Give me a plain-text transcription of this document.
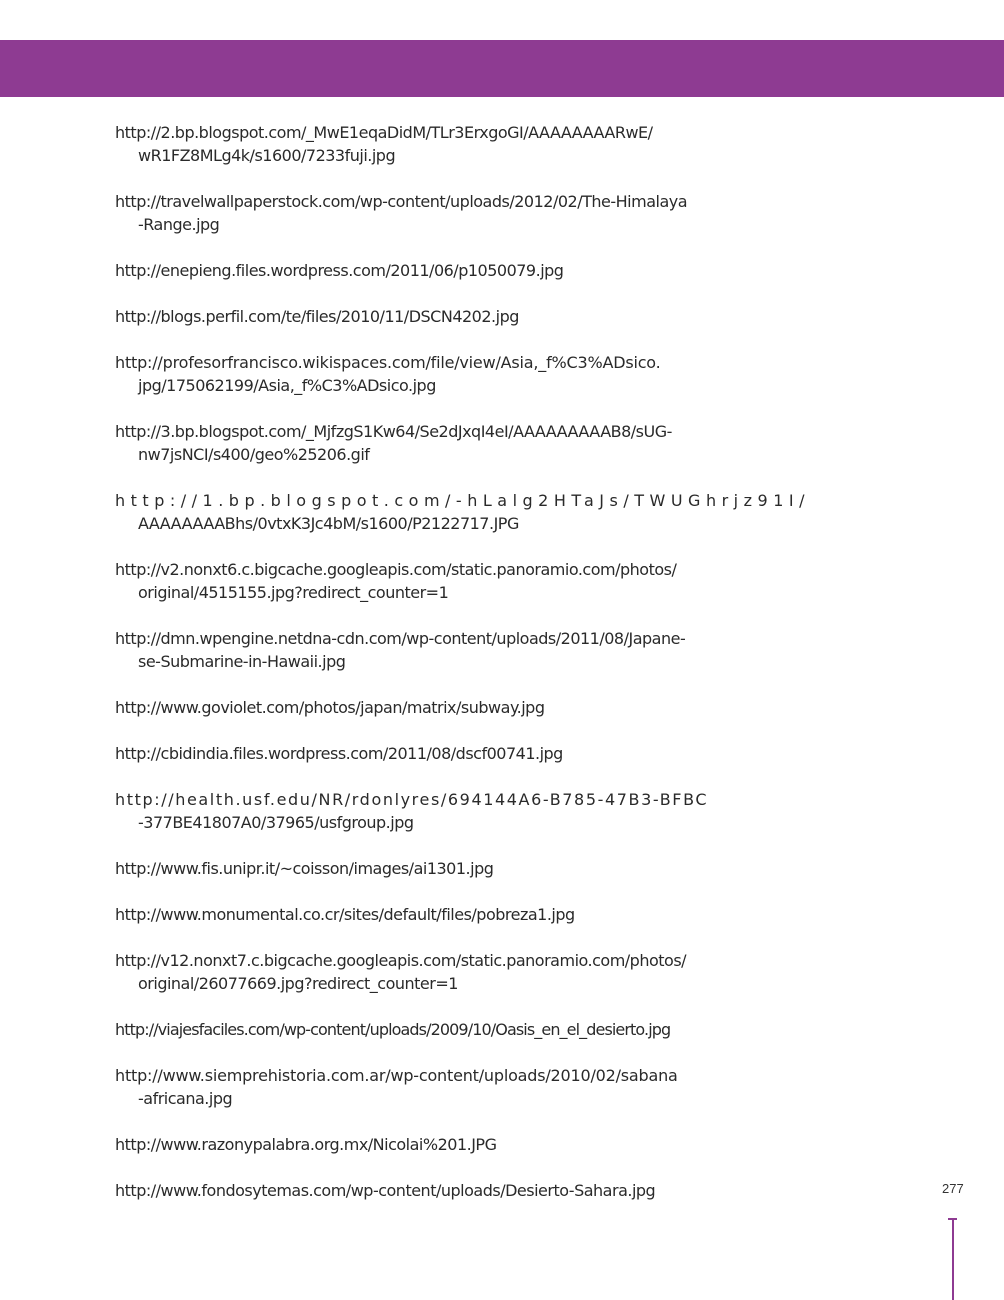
http://2.bp.blogspot.com/_MwE1eqaDidM/TLr3ErxgoGI/AAAAAAAARwE/
wR1FZ8MLg4k/s1600/7233fuji.jpg
http://travelwallpaperstock.com/wp-content/uploads/2012/02/The-Himalaya
-Range.jpg
http://enepieng.files.wordpress.com/2011/06/p1050079.jpg
http://blogs.perfil.com/te/files/2010/11/DSCN4202.jpg
http://profesorfrancisco.wikispaces.com/file/view/Asia,_f%C3%ADsico.
jpg/175062199/Asia,_f%C3%ADsico.jpg
http://3.bp.blogspot.com/_MjfzgS1Kw64/Se2dJxqI4eI/AAAAAAAAAB8/sUG-
nw7jsNCI/s400/geo%25206.gif
http://1.bp.blogspot.com/-hLalg2HTaJs/TWUGhrjz91I/
AAAAAAAABhs/0vtxK3Jc4bM/s1600/P2122717.JPG
http://v2.nonxt6.c.bigcache.googleapis.com/static.panoramio.com/photos/
original/4515155.jpg?redirect_counter=1
http://dmn.wpengine.netdna-cdn.com/wp-content/uploads/2011/08/Japane-
se-Submarine-in-Hawaii.jpg
http://www.goviolet.com/photos/japan/matrix/subway.jpg
http://cbidindia.files.wordpress.com/2011/08/dscf00741.jpg
http://health.usf.edu/NR/rdonlyres/694144A6-B785-47B3-BFBC
-377BE41807A0/37965/usfgroup.jpg
http://www.fis.unipr.it/~coisson/images/ai1301.jpg
http://www.monumental.co.cr/sites/default/files/pobreza1.jpg
http://v12.nonxt7.c.bigcache.googleapis.com/static.panoramio.com/photos/
original/26077669.jpg?redirect_counter=1
http://viajesfaciles.com/wp-content/uploads/2009/10/Oasis_en_el_desierto.jpg
http://www.siemprehistoria.com.ar/wp-content/uploads/2010/02/sabana
-africana.jpg
http://www.razonypalabra.org.mx/Nicolai%201.JPG
http://www.fondosytemas.com/wp-content/uploads/Desierto-Sahara.jpg	277
